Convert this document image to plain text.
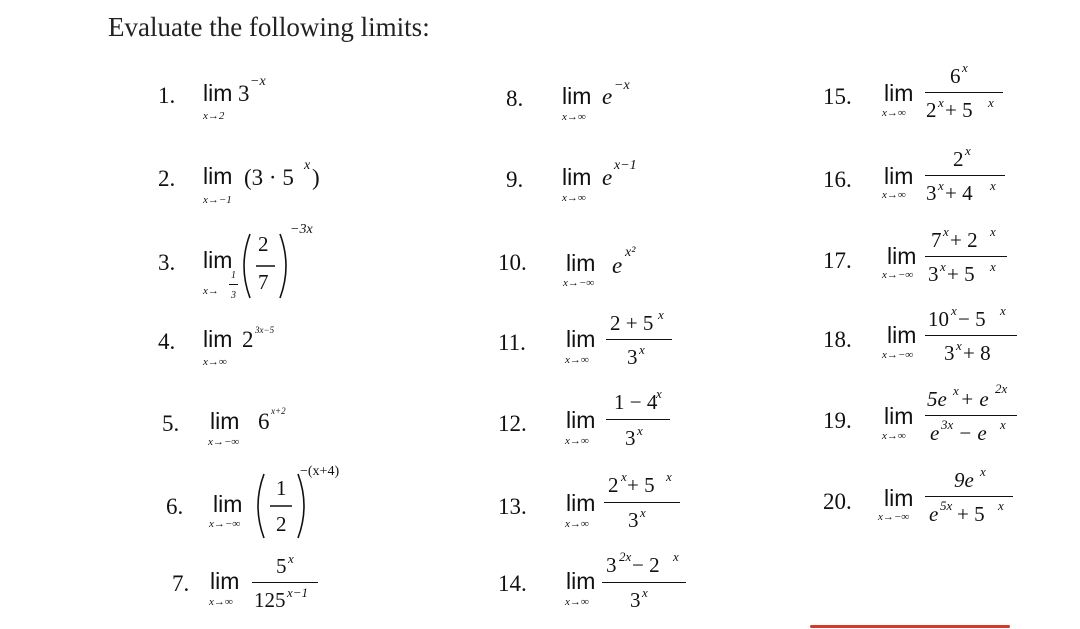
Evaluate the following limits:
1. lim 3 −x
x→2
2. lim (3 · 5 x )
x→−1
3. lim
x→
1
3
2
7
−3x
4. lim 2 3x−5
x→∞
5. lim 6 x+2
x→−∞
6. lim
x→−∞
1
2
−(x+4)
7. lim
x→∞
5 x
125 x−1
8. lim e −x
x→∞
9. lim e x−1
x→∞
10. lim e
x²
x→−∞
11. lim
x→∞
2 + 5 x
3 x
12. lim
x→∞
1 − 4
x
3 x
13. lim
x→∞
2 x + 5 x
3 x
14. lim
x→∞
3 2x − 2 x
3 x
15. lim
x→∞
6 x
2 x + 5 x
16. lim
x→∞
2 x
3 x + 4 x
17. lim
x→−∞
7 x + 2 x
3 x + 5 x
18. lim
x→−∞
10 x − 5 x
3 x + 8
19. lim
x→∞
5e x + e 2x
e 3x − e x
20. lim
x→−∞
9e x
e 5x + 5 x
